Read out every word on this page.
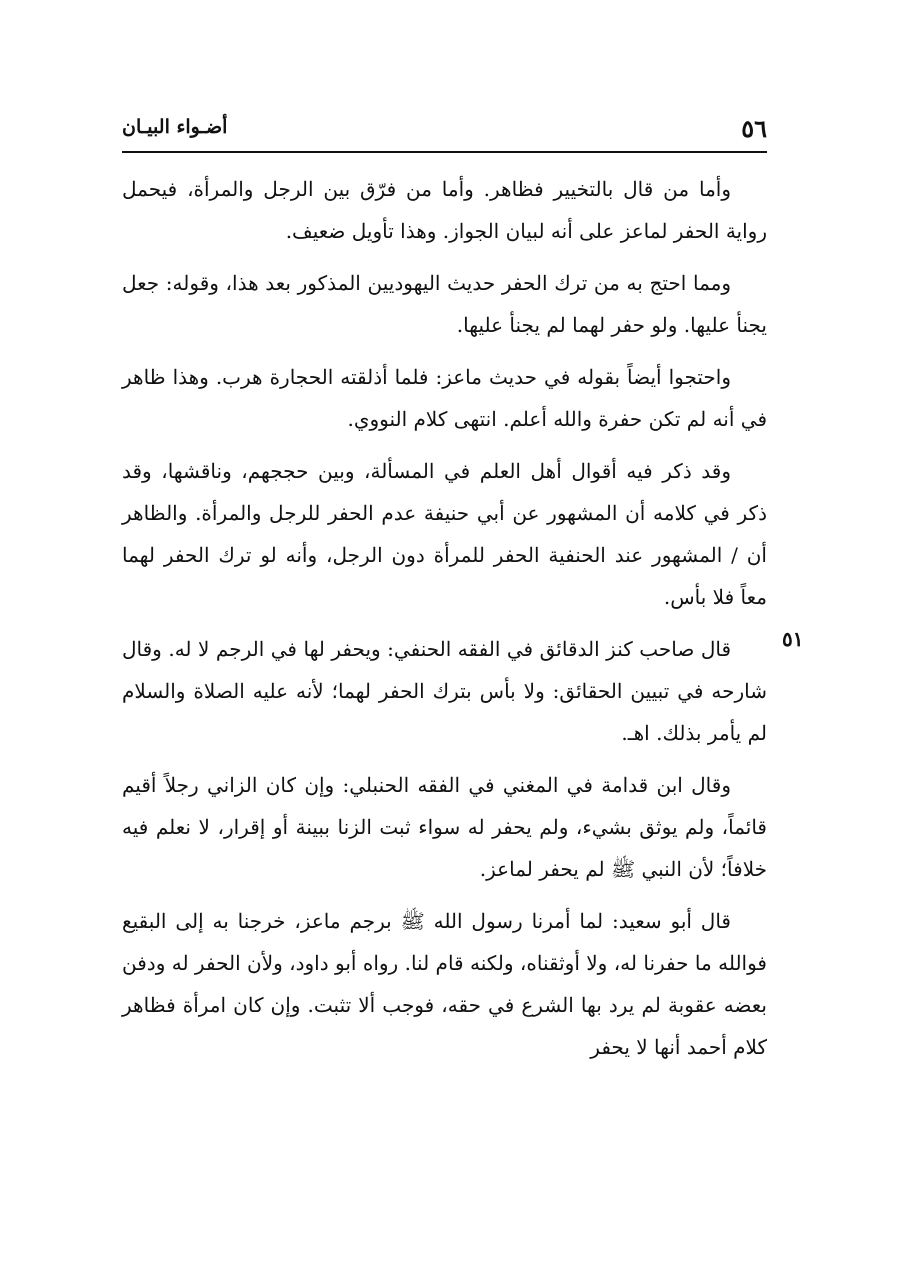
٥٦
أضـواء البيـان
٥١

وأما من قال بالتخيير فظاهر. وأما من فرّق بين الرجل والمرأة، فيحمل رواية الحفر لماعز على أنه لبيان الجواز. وهذا تأويل ضعيف.

ومما احتج به من ترك الحفر حديث اليهوديين المذكور بعد هذا، وقوله: جعل يجنأ عليها. ولو حفر لهما لم يجنأ عليها.

واحتجوا أيضاً بقوله في حديث ماعز: فلما أذلقته الحجارة هرب. وهذا ظاهر في أنه لم تكن حفرة والله أعلم. انتهى كلام النووي.

وقد ذكر فيه أقوال أهل العلم في المسألة، وبين حججهم، وناقشها، وقد ذكر في كلامه أن المشهور عن أبي حنيفة عدم الحفر للرجل والمرأة. والظاهر أن / المشهور عند الحنفية الحفر للمرأة دون الرجل، وأنه لو ترك الحفر لهما معاً فلا بأس.

قال صاحب كنز الدقائق في الفقه الحنفي: ويحفر لها في الرجم لا له. وقال شارحه في تبيين الحقائق: ولا بأس بترك الحفر لهما؛ لأنه عليه الصلاة والسلام لم يأمر بذلك. اهـ.

وقال ابن قدامة في المغني في الفقه الحنبلي: وإن كان الزاني رجلاً أقيم قائماً، ولم يوثق بشيء، ولم يحفر له سواء ثبت الزنا ببينة أو إقرار، لا نعلم فيه خلافاً؛ لأن النبي ﷺ لم يحفر لماعز.

قال أبو سعيد: لما أمرنا رسول الله ﷺ برجم ماعز، خرجنا به إلى البقيع فوالله ما حفرنا له، ولا أوثقناه، ولكنه قام لنا. رواه أبو داود، ولأن الحفر له ودفن بعضه عقوبة لم يرد بها الشرع في حقه، فوجب ألا تثبت. وإن كان امرأة فظاهر كلام أحمد أنها لا يحفر
